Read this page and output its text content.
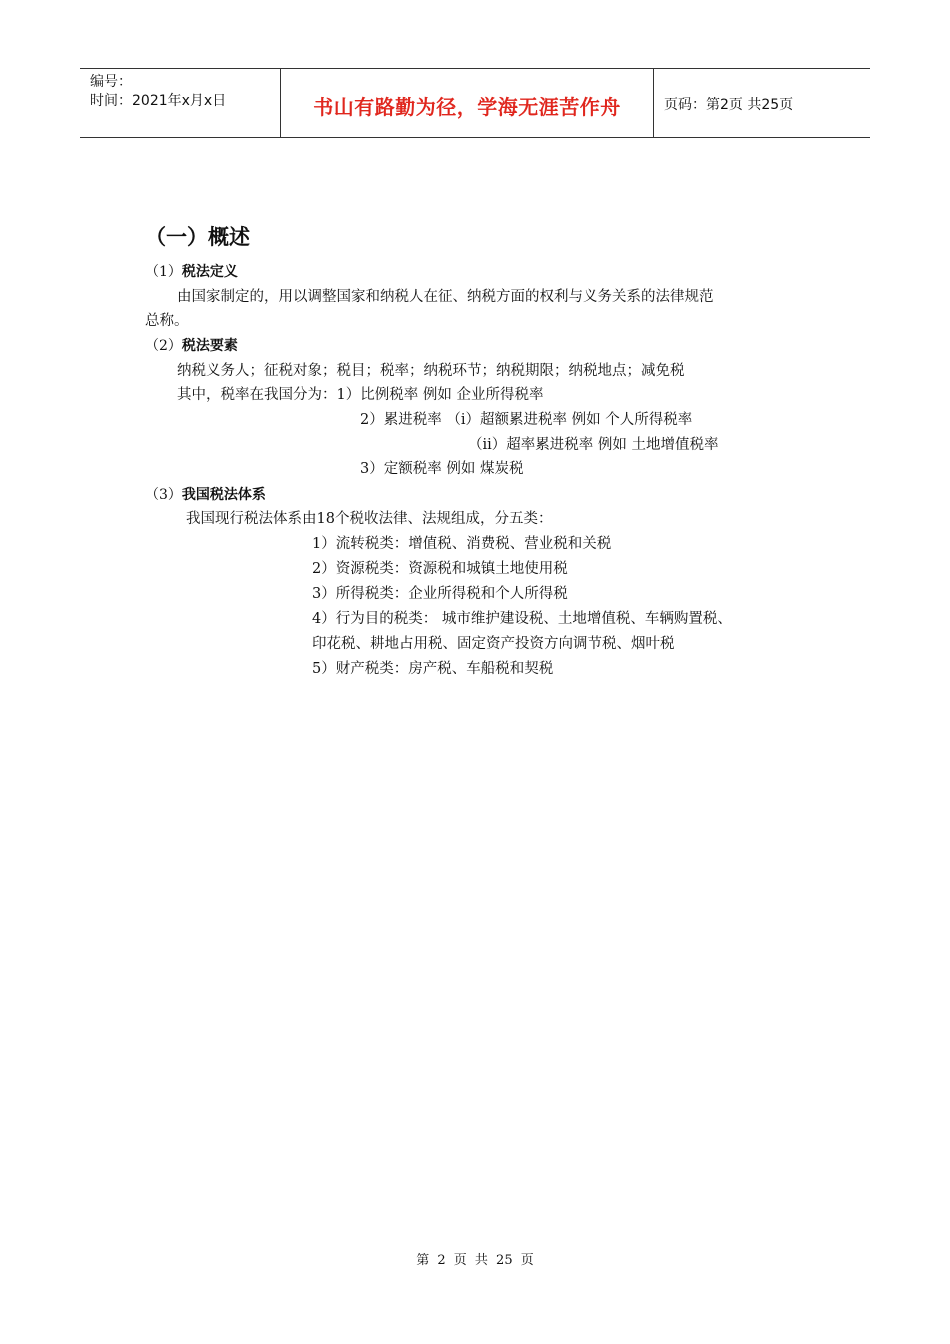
编号：
时间：2021年x月x日	书山有路勤为径，学海无涯苦作舟	页码：第2页 共25页
（一）概述
（1）税法定义
由国家制定的，用以调整国家和纳税人在征、纳税方面的权利与义务关系的法律规范
总称。
（2）税法要素
纳税义务人；征税对象；税目；税率；纳税环节；纳税期限；纳税地点；减免税
其中，税率在我国分为：1）比例税率 例如 企业所得税率
2）累进税率 （i）超额累进税率 例如 个人所得税率
（ii）超率累进税率 例如 土地增值税率
3）定额税率 例如 煤炭税
（3）我国税法体系
我国现行税法体系由18个税收法律、法规组成，分五类：
1）流转税类：增值税、消费税、营业税和关税
2）资源税类：资源税和城镇土地使用税
3）所得税类：企业所得税和个人所得税
4）行为目的税类： 城市维护建设税、土地增值税、车辆购置税、
印花税、耕地占用税、固定资产投资方向调节税、烟叶税
5）财产税类：房产税、车船税和契税
第 2 页 共 25 页
